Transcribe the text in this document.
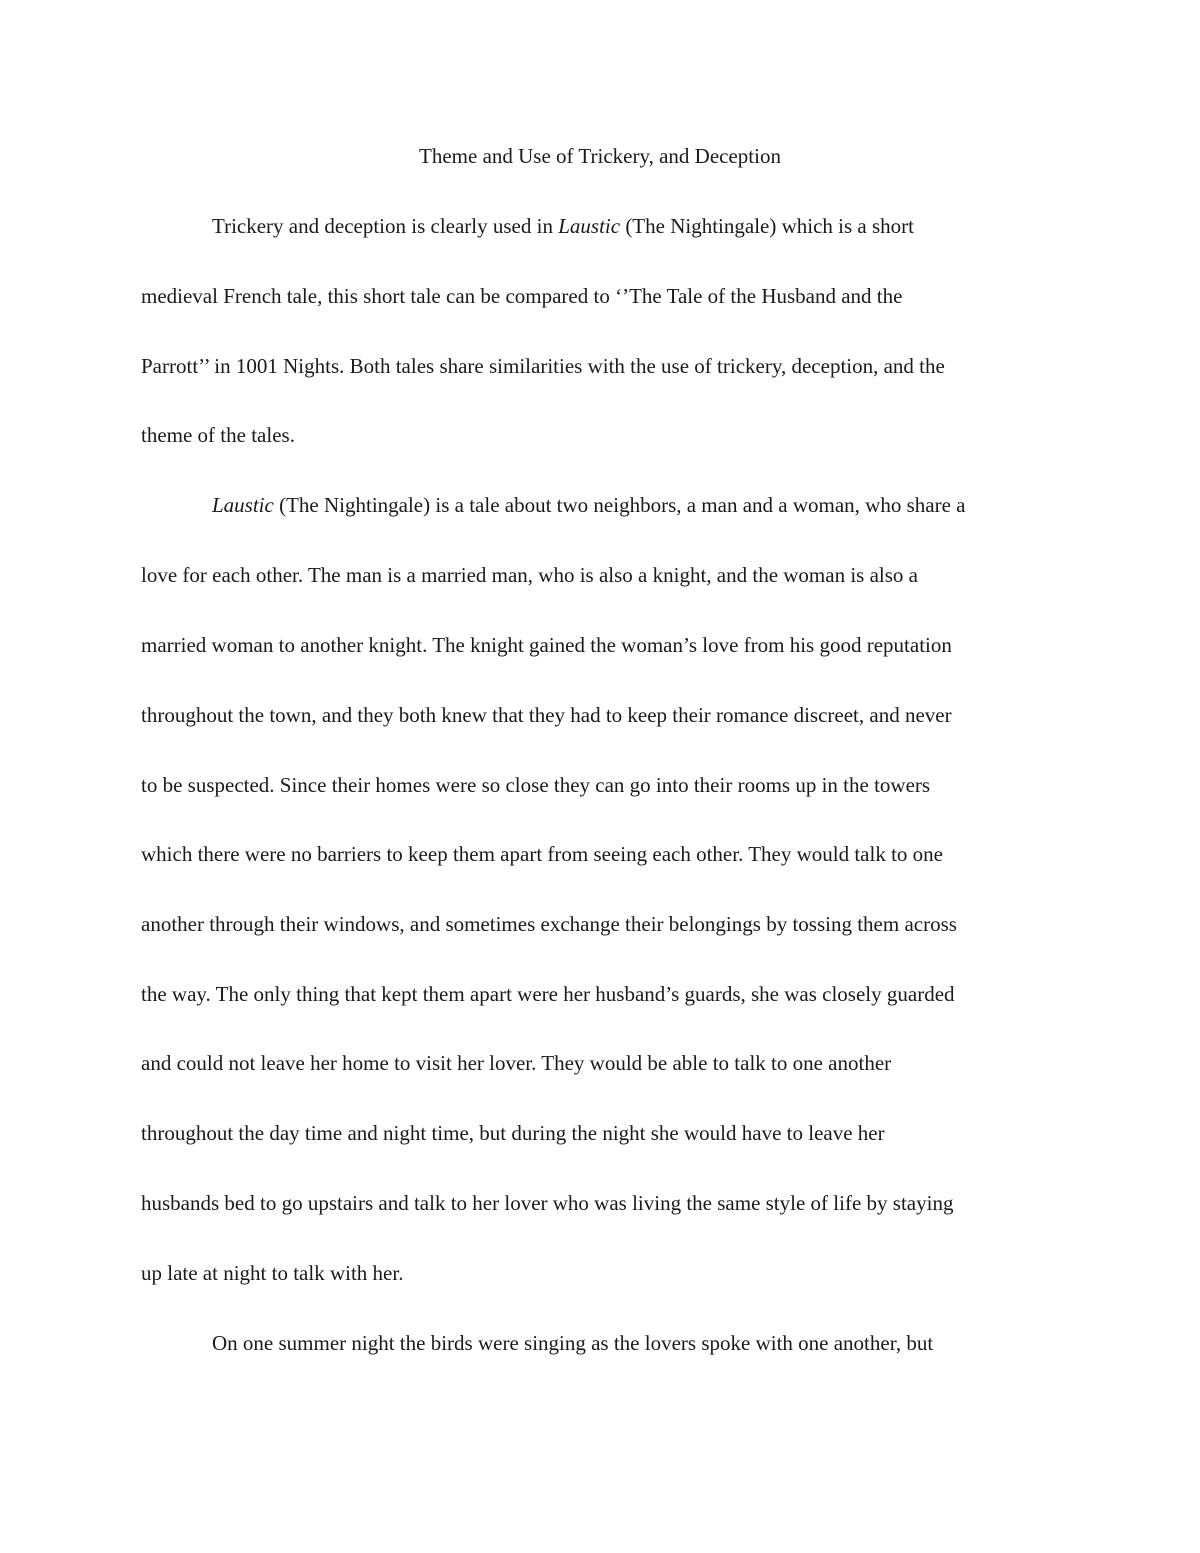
Theme and Use of Trickery, and Deception
Trickery and deception is clearly used in Laustic (The Nightingale) which is a short
medieval French tale, this short tale can be compared to ‘’The Tale of the Husband and the
Parrott’’ in 1001 Nights. Both tales share similarities with the use of trickery, deception, and the
theme of the tales.
Laustic (The Nightingale) is a tale about two neighbors, a man and a woman, who share a
love for each other. The man is a married man, who is also a knight, and the woman is also a
married woman to another knight. The knight gained the woman’s love from his good reputation
throughout the town, and they both knew that they had to keep their romance discreet, and never
to be suspected. Since their homes were so close they can go into their rooms up in the towers
which there were no barriers to keep them apart from seeing each other. They would talk to one
another through their windows, and sometimes exchange their belongings by tossing them across
the way. The only thing that kept them apart were her husband’s guards, she was closely guarded
and could not leave her home to visit her lover. They would be able to talk to one another
throughout the day time and night time, but during the night she would have to leave her
husbands bed to go upstairs and talk to her lover who was living the same style of life by staying
up late at night to talk with her.
On one summer night the birds were singing as the lovers spoke with one another, but
